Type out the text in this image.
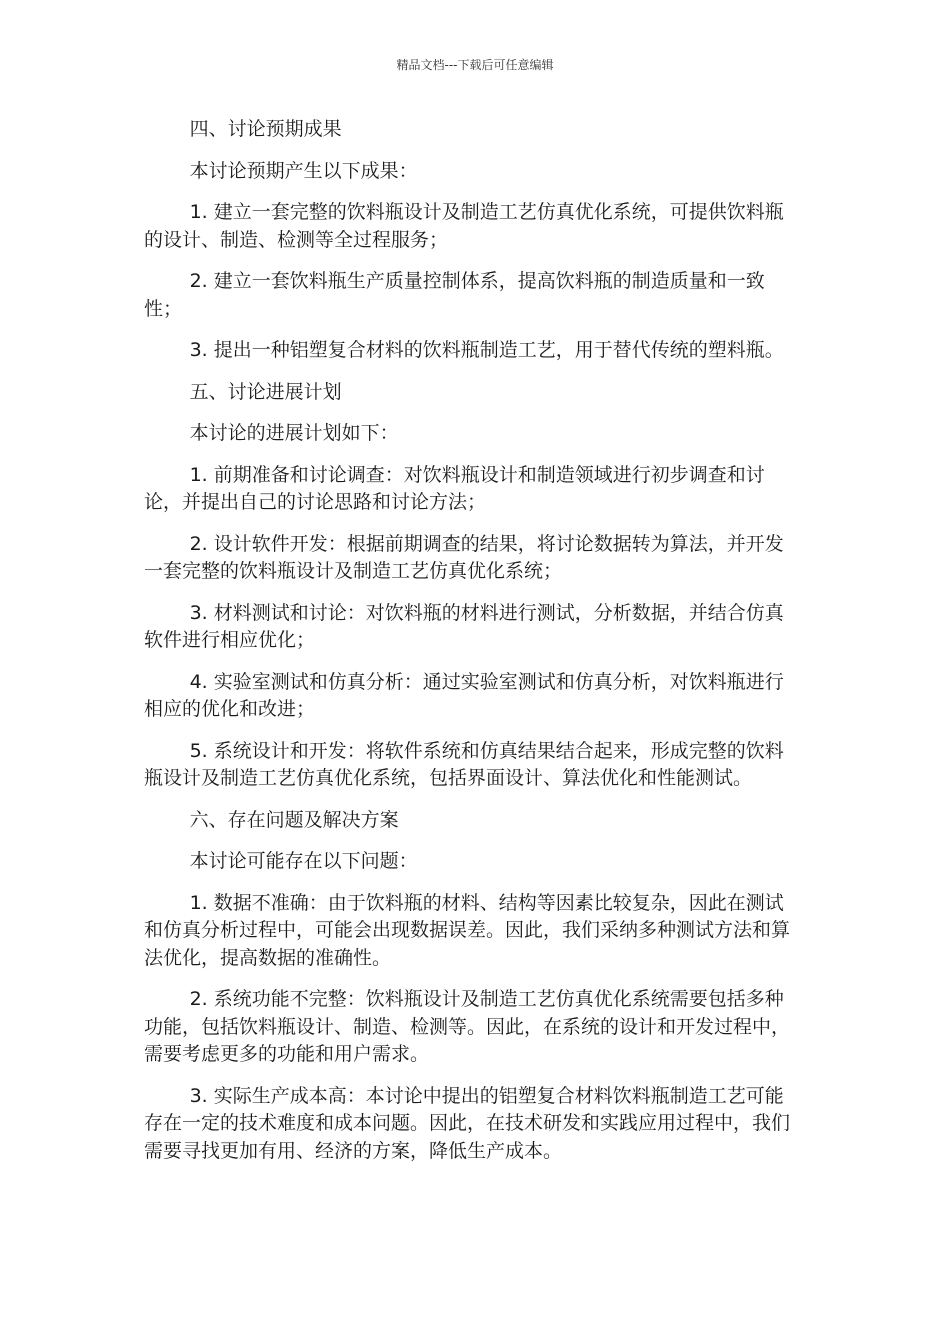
精品文档---下载后可任意编辑

四、讨论预期成果

本讨论预期产生以下成果：

1. 建立一套完整的饮料瓶设计及制造工艺仿真优化系统，可提供饮料瓶的设计、制造、检测等全过程服务；

2. 建立一套饮料瓶生产质量控制体系，提高饮料瓶的制造质量和一致性；

3. 提出一种铝塑复合材料的饮料瓶制造工艺，用于替代传统的塑料瓶。

五、讨论进展计划

本讨论的进展计划如下：

1. 前期准备和讨论调查：对饮料瓶设计和制造领域进行初步调查和讨论，并提出自己的讨论思路和讨论方法；

2. 设计软件开发：根据前期调查的结果，将讨论数据转为算法，并开发一套完整的饮料瓶设计及制造工艺仿真优化系统；

3. 材料测试和讨论：对饮料瓶的材料进行测试，分析数据，并结合仿真软件进行相应优化；

4. 实验室测试和仿真分析：通过实验室测试和仿真分析，对饮料瓶进行相应的优化和改进；

5. 系统设计和开发：将软件系统和仿真结果结合起来，形成完整的饮料瓶设计及制造工艺仿真优化系统，包括界面设计、算法优化和性能测试。

六、存在问题及解决方案

本讨论可能存在以下问题：

1. 数据不准确：由于饮料瓶的材料、结构等因素比较复杂，因此在测试和仿真分析过程中，可能会出现数据误差。因此，我们采纳多种测试方法和算法优化，提高数据的准确性。

2. 系统功能不完整：饮料瓶设计及制造工艺仿真优化系统需要包括多种功能，包括饮料瓶设计、制造、检测等。因此，在系统的设计和开发过程中，需要考虑更多的功能和用户需求。

3. 实际生产成本高：本讨论中提出的铝塑复合材料饮料瓶制造工艺可能存在一定的技术难度和成本问题。因此，在技术研发和实践应用过程中，我们需要寻找更加有用、经济的方案，降低生产成本。
